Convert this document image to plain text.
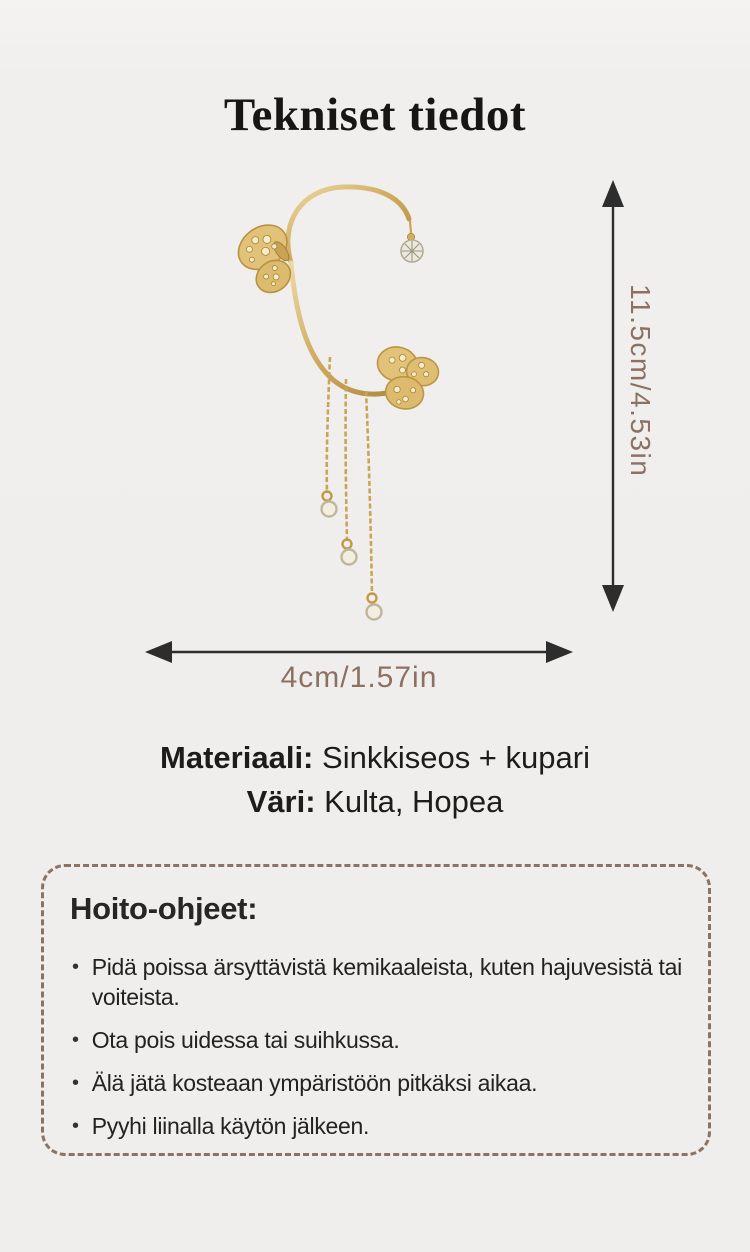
Tekniset tiedot
11.5cm/4.53in
4cm/1.57in
Materiaali: Sinkkiseos + kupari
Väri: Kulta, Hopea
Hoito-ohjeet:
• Pidä poissa ärsyttävistä kemikaaleista, kuten hajuvesistä tai voiteista.
• Ota pois uidessa tai suihkussa.
• Älä jätä kosteaan ympäristöön pitkäksi aikaa.
• Pyyhi liinalla käytön jälkeen.
